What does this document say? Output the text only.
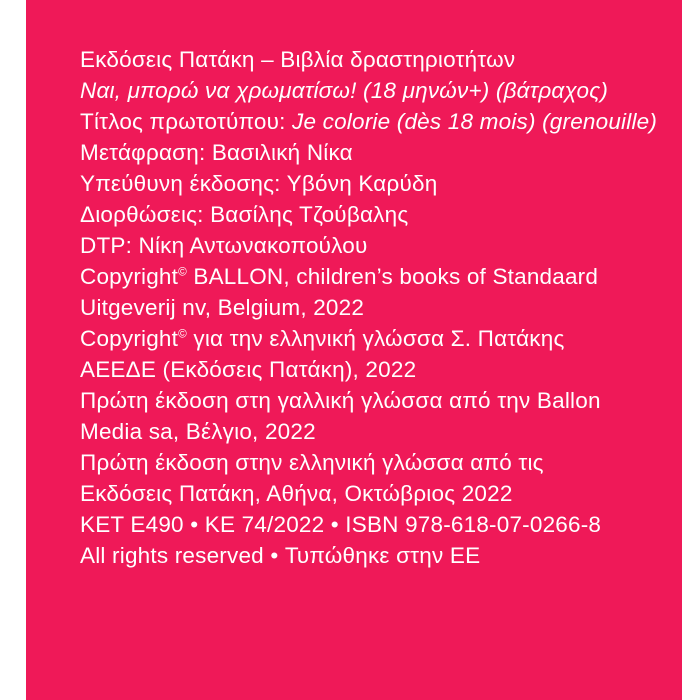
Εκδόσεις Πατάκη – Βιβλία δραστηριοτήτων
Ναι, μπορώ να χρωματίσω! (18 μηνών+) (βάτραχος)
Τίτλος πρωτοτύπου: Je colorie (dès 18 mois) (grenouille)
Μετάφραση: Βασιλική Νίκα
Υπεύθυνη έκδοσης: Υβόνη Καρύδη
Διορθώσεις: Βασίλης Τζούβαλης
DTP: Νίκη Αντωνακοπούλου
Copyright© BALLON, children’s books of Standaard
Uitgeverij nv, Belgium, 2022
Copyright© για την ελληνική γλώσσα Σ. Πατάκης
ΑΕΕΔΕ (Εκδόσεις Πατάκη), 2022
Πρώτη έκδοση στη γαλλική γλώσσα από την Ballon
Media sa, Βέλγιο, 2022
Πρώτη έκδοση στην ελληνική γλώσσα από τις
Εκδόσεις Πατάκη, Αθήνα, Οκτώβριος 2022
ΚΕΤ Ε490 • ΚΕ 74/2022 • ISBN 978-618-07-0266-8
All rights reserved • Τυπώθηκε στην ΕΕ
